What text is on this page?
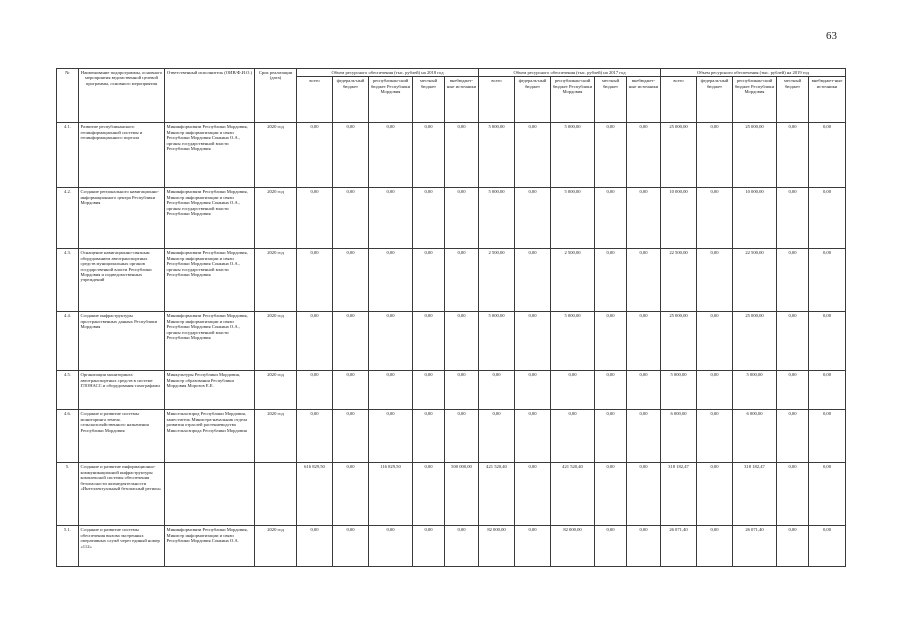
63
№	Наименование подпрограммы, основного мероприятия ведомственной целевой программы, основного мероприятия	Ответственный исполнитель (ОИВ/Ф.И.О.)	Срок реализации (дата)	Объем ресурсного обеспечения (тыс. рублей) на 2018 год					Объем ресурсного обеспечения (тыс. рублей) на 2017 год					Объем ресурсного обеспечения (тыс. рублей) на 2019 год				
				всего	федераль-ный бюджет	республикан-ский бюджет Республики Мордовия	местный бюджет	внебюджет-ные источники	всего	федераль-ный бюджет	республикан-ский бюджет Республики Мордовия	местный бюджет	внебюджет-ные источники	всего	федераль-ный бюджет	республикан-ский бюджет Республики Мордовия	местный бюджет	внебюджет-ные источники
4.1.	Развитие республиканского геоинформационной системы и геоинформационного портала	Мининформсвязи Республики Мордовия, Министр информатизации и связи Республики Мордовия Сонкина О.А., органы государственной власти Республики Мордовия	2020 год	0,00	0,00	0,00	0,00	0,00	5 000,00	0,00	5 000,00	0,00	0,00	25 000,00	0,00	25 000,00	0,00	0,00
4.2.	Создание регионального навигационно-информационного центра Республики Мордовия	Мининформсвязи Республики Мордовия, Министр информатизации и связи Республики Мордовия Сонкина О.А., органы государственной власти Республики Мордовия	2020 год	0,00	0,00	0,00	0,00	0,00	5 000,00	0,00	5 000,00	0,00	0,00	10 000,00	0,00	10 000,00	0,00	0,00
4.3.	Оснащение навигационно-связным оборудованием автотранспортных средств муниципальных органов государственной власти Республики Мордовия и подведомственных учреждений	Мининформсвязи Республики Мордовия, Министр информатизации и связи Республики Мордовия Сонкина О.А., органы государственной власти Республики Мордовия	2020 год	0,00	0,00	0,00	0,00	0,00	2 500,00	0,00	2 500,00	0,00	0,00	22 500,00	0,00	22 500,00	0,00	0,00
4.4.	Создание инфраструктуры пространственных данных Республики Мордовия	Мининформсвязи Республики Мордовия, Министр информатизации и связи Республики Мордовия Сонкина О.А., органы государственной власти Республики Мордовия	2020 год	0,00	0,00	0,00	0,00	0,00	5 000,00	0,00	5 000,00	0,00	0,00	25 000,00	0,00	25 000,00	0,00	0,00
4.5.	Организация мониторинга автотранспортных средств в системе ГЛОНАСС и оборудования тахографами	Минкультуры Республики Мордовия, Министр образования Республики Мордовия Морозов Е.Е.	2020 год	0,00	0,00	0,00	0,00	0,00	0,00	0,00	0,00	0,00	0,00	5 000,00	0,00	5 000,00	0,00	0,00
4.6.	Создание и развитие системы мониторинга земель сельскохозяйственного назначения Республики Мордовия	Минсельхозпрод Республики Мордовия, заместитель Министра-начальник отдела развития отраслей растениеводства Минсельхозпрода Республики Мордовия	2020 год	0,00	0,00	0,00	0,00	0,00	0,00	0,00	0,00	0,00	0,00	6 000,00	0,00	6 000,00	0,00	0,00
5.	Создание и развитие информационно-коммуникационной инфраструктуры комплексной системы обеспечения безопасности жизнедеятельности «Интеллектуальный безопасный регион»			616 829,50	0,00	116 829,50	0,00	500 000,00	421 520,40	0,00	421 520,40	0,00	0,00	318 182,47	0,00	318 182,47	0,00	0,00
5.1.	Создание и развитие системы обеспечения вызова экстренных оперативных служб через единый номер «112»	Мининформсвязи Республики Мордовия, Министр информатизации и связи Республики Мордовия Сонкина О.А.	2020 год	0,00	0,00	0,00	0,00	0,00	82 000,00	0,00	82 000,00	0,00	0,00	26 071,40	0,00	26 071,40	0,00	0,00
